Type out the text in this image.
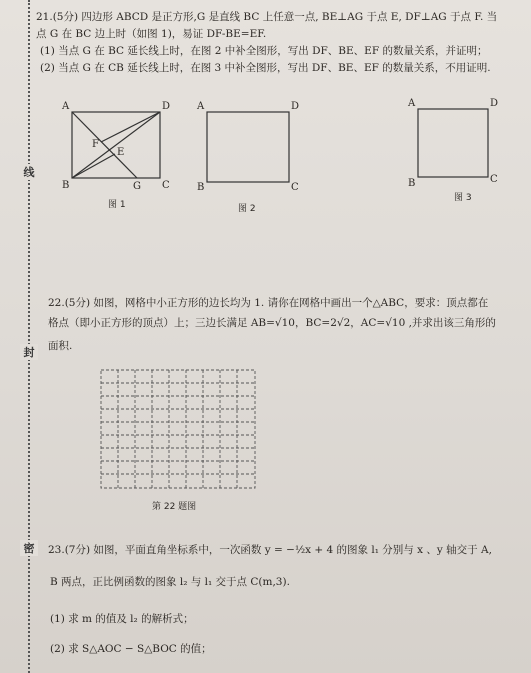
线
封
密
21.(5分) 四边形 ABCD 是正方形,G 是直线 BC 上任意一点, BE⊥AG 于点 E, DF⊥AG 于点 F. 当
点 G 在 BC 边上时（如图 1)，易证 DF-BE=EF.
(1) 当点 G 在 BC 延长线上时，在图 2 中补全图形，写出 DF、BE、EF 的数量关系，并证明；
(2) 当点 G 在 CB 延长线上时，在图 3 中补全图形，写出 DF、BE、EF 的数量关系，不用证明.
A	D
B	G C
F
E
图 1
A	D
B	C
图 2
A	D
B	C
图 3
22.(5分) 如图，网格中小正方形的边长均为 1. 请你在网格中画出一个△ABC，要求：顶点都在
格点（即小正方形的顶点）上；三边长满足 AB=√10，BC=2√2，AC=√10 ,并求出该三角形的
面积.
第 22 题图
23.(7分) 如图，平面直角坐标系中，一次函数 y = −½x + 4 的图象 l₁ 分别与 x 、y 轴交于 A,
B 两点，正比例函数的图象 l₂ 与 l₁ 交于点 C(m,3).
(1) 求 m 的值及 l₂ 的解析式；
(2) 求 S△AOC − S△BOC 的值；
